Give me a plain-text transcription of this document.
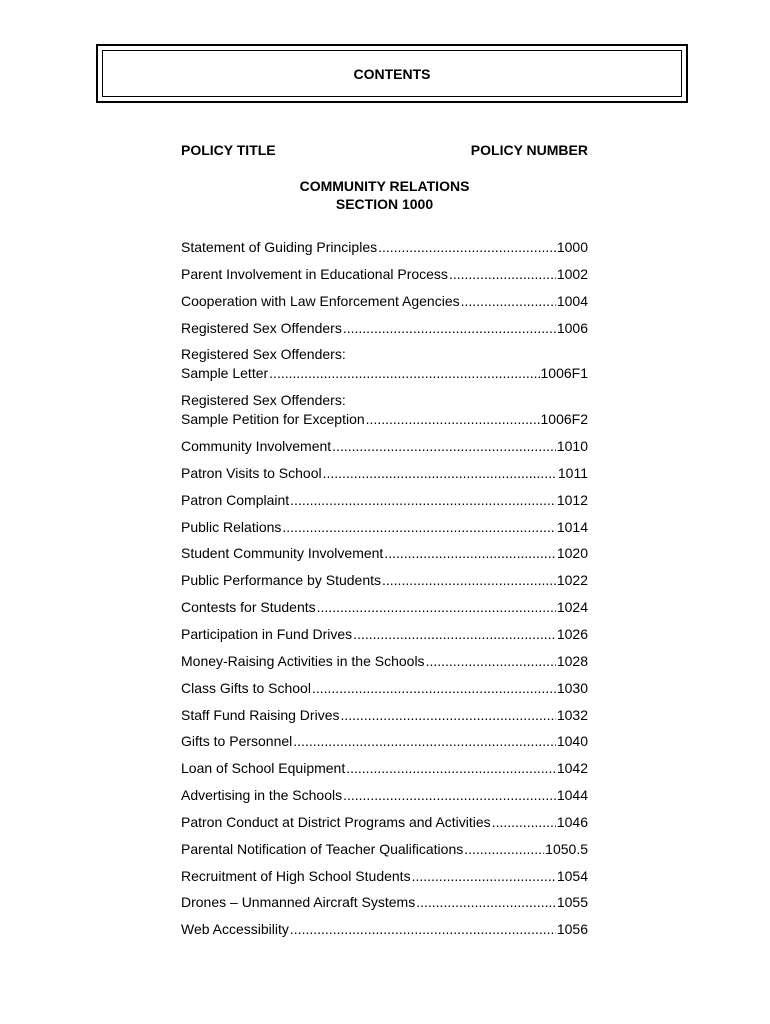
CONTENTS
POLICY TITLE	POLICY NUMBER
COMMUNITY RELATIONS
SECTION 1000
Statement of Guiding Principles .....	1000
Parent Involvement in Educational Process .....	1002
Cooperation with Law Enforcement Agencies .....	1004
Registered Sex Offenders .....	1006
Registered Sex Offenders:
Sample Letter .....	1006F1
Registered Sex Offenders:
Sample Petition for Exception .....	1006F2
Community Involvement .....	1010
Patron Visits to School .....	1011
Patron Complaint .....	1012
Public Relations .....	1014
Student Community Involvement .....	1020
Public Performance by Students .....	1022
Contests for Students .....	1024
Participation in Fund Drives .....	1026
Money-Raising Activities in the Schools .....	1028
Class Gifts to School .....	1030
Staff Fund Raising Drives .....	1032
Gifts to Personnel .....	1040
Loan of School Equipment .....	1042
Advertising in the Schools .....	1044
Patron Conduct at District Programs and Activities .....	1046
Parental Notification of Teacher Qualifications .....	1050.5
Recruitment of High School Students .....	1054
Drones – Unmanned Aircraft Systems .....	1055
Web Accessibility .....	1056
